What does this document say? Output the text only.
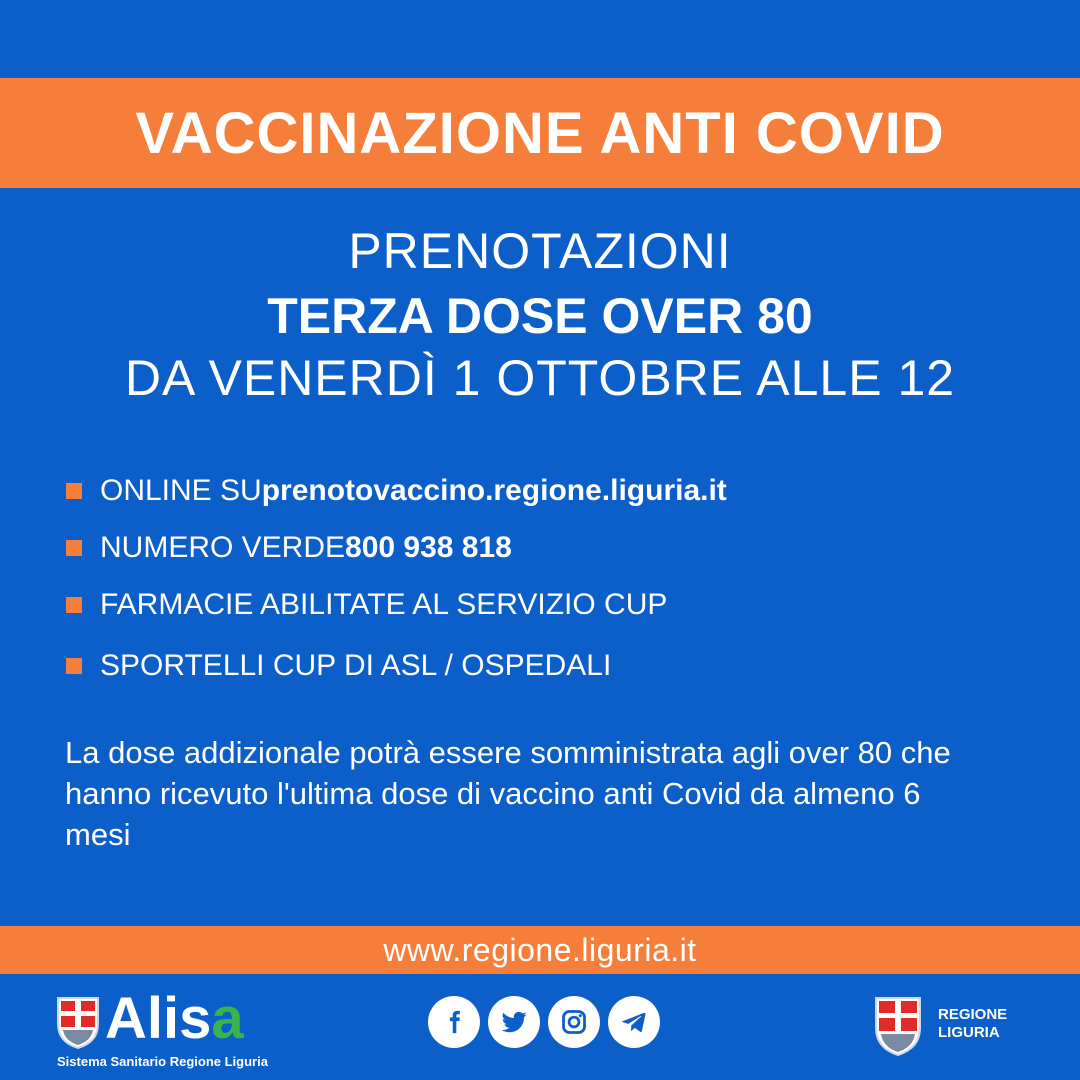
VACCINAZIONE ANTI COVID
PRENOTAZIONI
TERZA DOSE OVER 80
DA VENERDÌ 1 OTTOBRE ALLE 12
ONLINE SU prenotovaccino.regione.liguria.it
NUMERO VERDE 800 938 818
FARMACIE ABILITATE AL SERVIZIO CUP
SPORTELLI CUP DI ASL / OSPEDALI
La dose addizionale potrà essere somministrata agli over 80 che hanno ricevuto l'ultima dose di vaccino anti Covid da almeno 6 mesi
www.regione.liguria.it
Alisa
Sistema Sanitario Regione Liguria
REGIONE
LIGURIA
